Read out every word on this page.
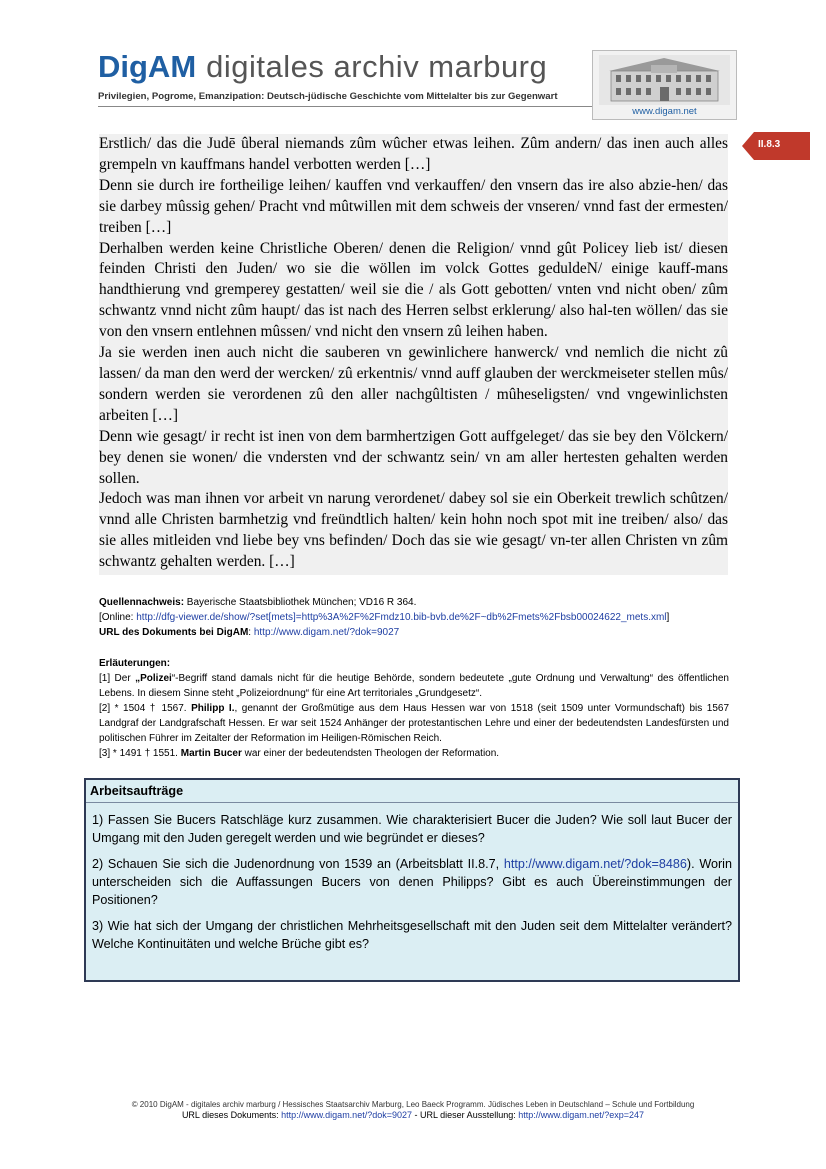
DigAM digitales archiv marburg
Privilegien, Pogrome, Emanzipation: Deutsch-jüdische Geschichte vom Mittelalter bis zur Gegenwart
www.digam.net
II.8.3

Erstlich/ das die Judē ûberal niemands zûm wûcher etwas leihen. Zûm andern/ das inen auch alles grempeln vn kauffmans handel verbotten werden […]

Denn sie durch ire fortheilige leihen/ kauffen vnd verkauffen/ den vnsern das ire also abzie-hen/ das sie darbey mûssig gehen/ Pracht vnd mûtwillen mit dem schweis der vnseren/ vnnd fast der ermesten/ treiben […]

Derhalben werden keine Christliche Oberen/ denen die Religion/ vnnd gût Policey lieb ist/ diesen feinden Christi den Juden/ wo sie die wöllen im volck Gottes geduldeN/ einige kauff-mans handthierung vnd gremperey gestatten/ weil sie die / als Gott gebotten/ vnten vnd nicht oben/ zûm schwantz vnnd nicht zûm haupt/ das ist nach des Herren selbst erklerung/ also hal-ten wöllen/ das sie von den vnsern entlehnen mûssen/ vnd nicht den vnsern zû leihen haben.

Ja sie werden inen auch nicht die sauberen vn gewinlichere hanwerck/ vnd nemlich die nicht zû lassen/ da man den werd der wercken/ zû erkentnis/ vnnd auff glauben der werckmeiseter stellen mûs/ sondern werden sie verordenen zû den aller nachgûltisten / mûheseligsten/ vnd vngewinlichsten arbeiten […]

Denn wie gesagt/ ir recht ist inen von dem barmhertzigen Gott auffgeleget/ das sie bey den Völckern/ bey denen sie wonen/ die vndersten vnd der schwantz sein/ vn am aller hertesten gehalten werden sollen.

Jedoch was man ihnen vor arbeit vn narung verordenet/ dabey sol sie ein Oberkeit trewlich schûtzen/ vnnd alle Christen barmhetzig vnd freündtlich halten/ kein hohn noch spot mit ine treiben/ also/ das sie alles mitleiden vnd liebe bey vns befinden/ Doch das sie wie gesagt/ vn-ter allen Christen vn zûm schwantz gehalten werden. […]

Quellennachweis: Bayerische Staatsbibliothek München; VD16 R 364.
[Online: http://dfg-viewer.de/show/?set[mets]=http%3A%2F%2Fmdz10.bib-bvb.de%2F~db%2Fmets%2Fbsb00024622_mets.xml]
URL des Dokuments bei DigAM: http://www.digam.net/?dok=9027

Erläuterungen:

[1] Der „Polizei“-Begriff stand damals nicht für die heutige Behörde, sondern bedeutete „gute Ordnung und Verwaltung“ des öffentlichen Lebens. In diesem Sinne steht „Polizeiordnung“ für eine Art territoriales „Grundgesetz“.

[2] * 1504 † 1567. Philipp I., genannt der Großmütige aus dem Haus Hessen war von 1518 (seit 1509 unter Vormundschaft) bis 1567 Landgraf der Landgrafschaft Hessen. Er war seit 1524 Anhänger der protestantischen Lehre und einer der bedeutendsten Landesfürsten und politischen Führer im Zeitalter der Reformation im Heiligen-Römischen Reich.

[3] * 1491 † 1551. Martin Bucer war einer der bedeutendsten Theologen der Reformation.

Arbeitsaufträge

1) Fassen Sie Bucers Ratschläge kurz zusammen. Wie charakterisiert Bucer die Juden? Wie soll laut Bucer der Umgang mit den Juden geregelt werden und wie begründet er dieses?

2) Schauen Sie sich die Judenordnung von 1539 an (Arbeitsblatt II.8.7, http://www.digam.net/?dok=8486). Worin unterscheiden sich die Auffassungen Bucers von denen Philipps? Gibt es auch Übereinstimmungen der Positionen?

3) Wie hat sich der Umgang der christlichen Mehrheitsgesellschaft mit den Juden seit dem Mittelalter verändert? Welche Kontinuitäten und welche Brüche gibt es?

© 2010 DigAM - digitales archiv marburg / Hessisches Staatsarchiv Marburg, Leo Baeck Programm. Jüdisches Leben in Deutschland – Schule und Fortbildung
URL dieses Dokuments: http://www.digam.net/?dok=9027 - URL dieser Ausstellung: http://www.digam.net/?exp=247
